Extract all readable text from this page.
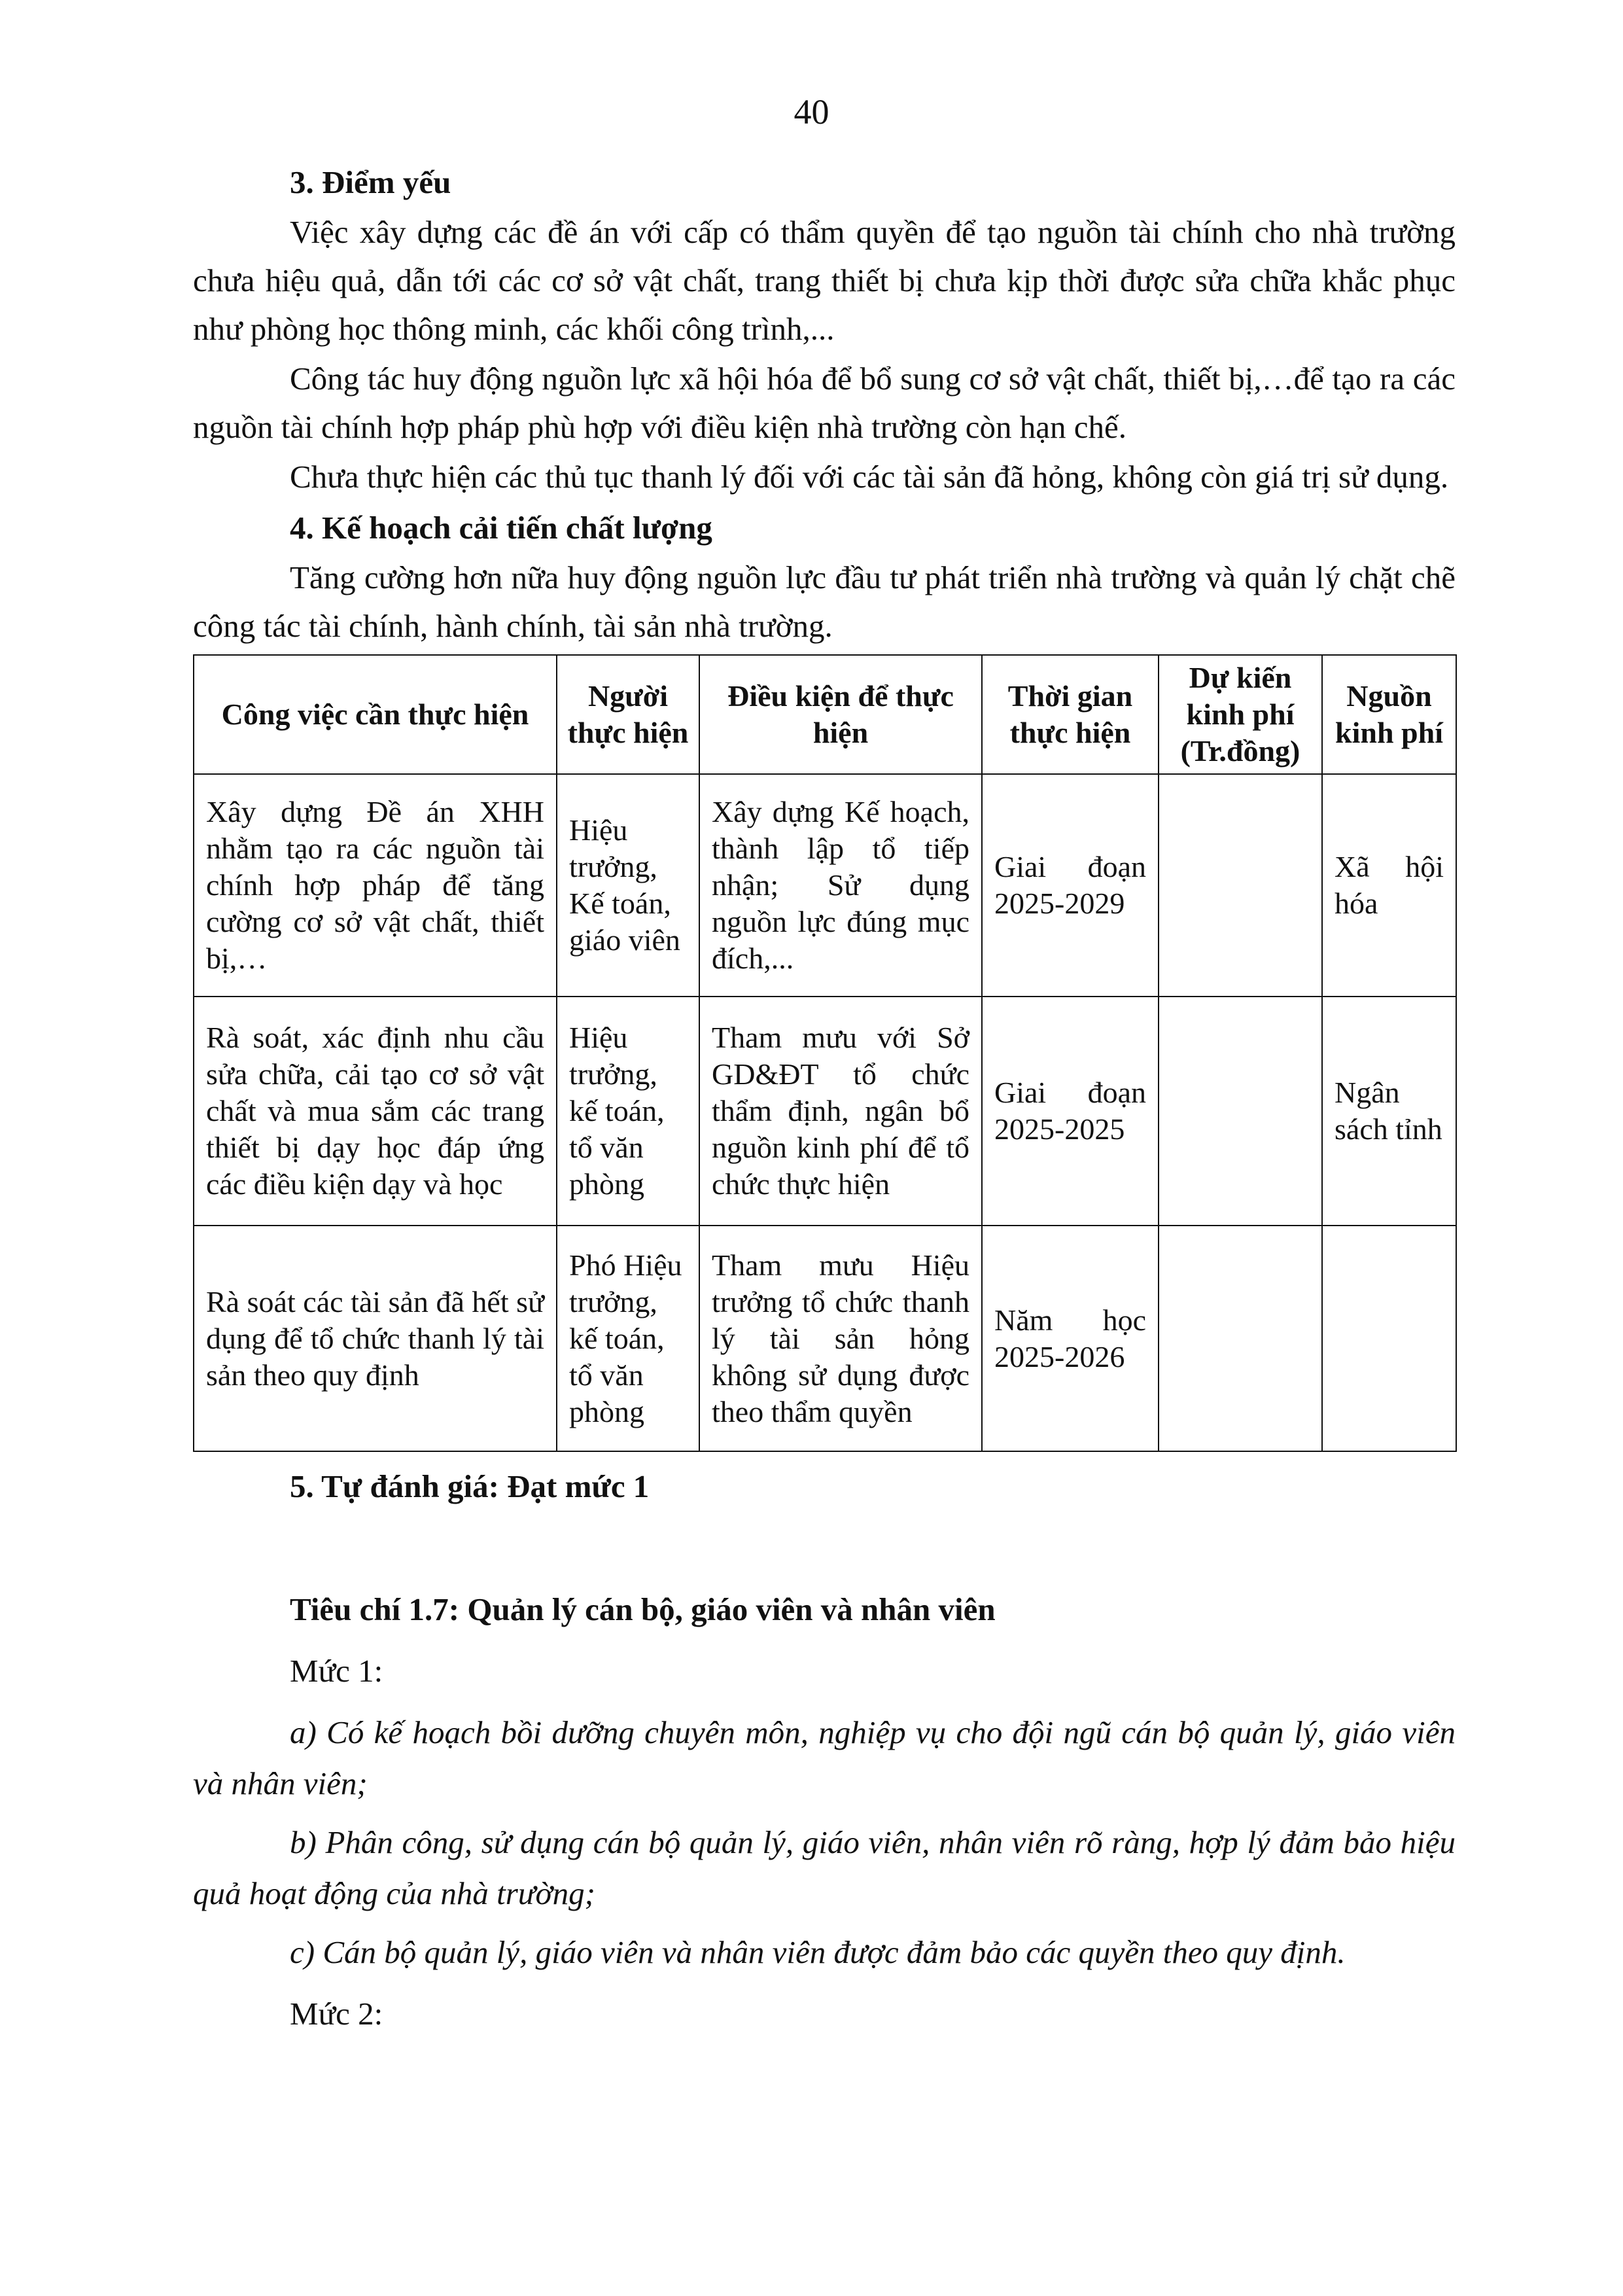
40

3. Điểm yếu

Việc xây dựng các đề án với cấp có thẩm quyền để tạo nguồn tài chính cho nhà trường chưa hiệu quả, dẫn tới các cơ sở vật chất, trang thiết bị chưa kịp thời được sửa chữa khắc phục như phòng học thông minh, các khối công trình,...

Công tác huy động nguồn lực xã hội hóa để bổ sung cơ sở vật chất, thiết bị,…để tạo ra các nguồn tài chính hợp pháp phù hợp với điều kiện nhà trường còn hạn chế.

Chưa thực hiện các thủ tục thanh lý đối với các tài sản đã hỏng, không còn giá trị sử dụng.

4. Kế hoạch cải tiến chất lượng

Tăng cường hơn nữa huy động nguồn lực đầu tư phát triển nhà trường và quản lý chặt chẽ công tác tài chính, hành chính, tài sản nhà trường.

Công việc cần thực hiện	Người thực hiện	Điều kiện để thực hiện	Thời gian thực hiện	Dự kiến kinh phí (Tr.đồng)	Nguồn kinh phí
Xây dựng Đề án XHH nhằm tạo ra các nguồn tài chính hợp pháp để tăng cường cơ sở vật chất, thiết bị,…	Hiệu trưởng, Kế toán, giáo viên	Xây dựng Kế hoạch, thành lập tổ tiếp nhận; Sử dụng nguồn lực đúng mục đích,...	Giai đoạn 2025-2029		Xã hội hóa
Rà soát, xác định nhu cầu sửa chữa, cải tạo cơ sở vật chất và mua sắm các trang thiết bị dạy học đáp ứng các điều kiện dạy và học	Hiệu trưởng, kế toán, tổ văn phòng	Tham mưu với Sở GD&ĐT tổ chức thẩm định, ngân bổ nguồn kinh phí để tổ chức thực hiện	Giai đoạn 2025-2025		Ngân sách tỉnh
Rà soát các tài sản đã hết sử dụng để tổ chức thanh lý tài sản theo quy định	Phó Hiệu trưởng, kế toán, tổ văn phòng	Tham mưu Hiệu trưởng tổ chức thanh lý tài sản hỏng không sử dụng được theo thẩm quyền	Năm học 2025-2026		

5. Tự đánh giá: Đạt mức 1

Tiêu chí 1.7: Quản lý cán bộ, giáo viên và nhân viên

Mức 1:

a) Có kế hoạch bồi dưỡng chuyên môn, nghiệp vụ cho đội ngũ cán bộ quản lý, giáo viên và nhân viên;

b) Phân công, sử dụng cán bộ quản lý, giáo viên, nhân viên rõ ràng, hợp lý đảm bảo hiệu quả hoạt động của nhà trường;

c) Cán bộ quản lý, giáo viên và nhân viên được đảm bảo các quyền theo quy định.

Mức 2:
